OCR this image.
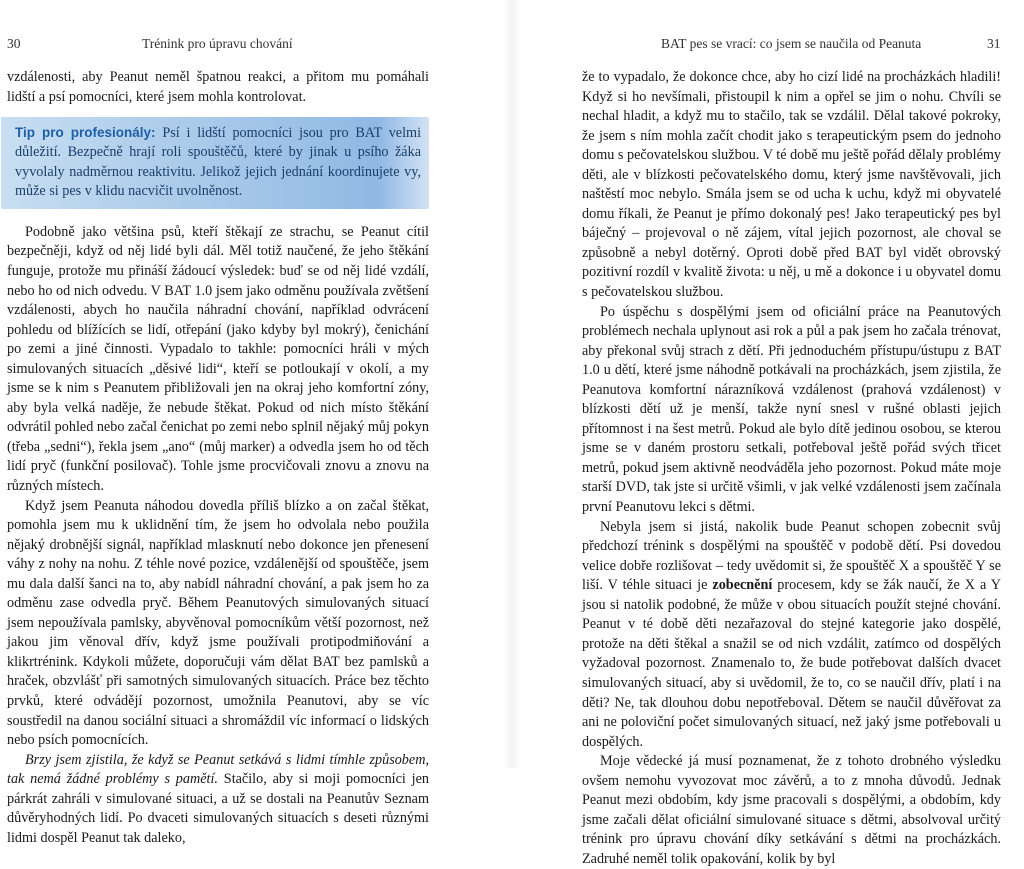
30	Trénink pro úpravu chování

vzdálenosti, aby Peanut neměl špatnou reakci, a přitom mu pomáhali lidští a psí pomocníci, které jsem mohla kontrolovat.

Tip pro profesionály: Psí i lidští pomocníci jsou pro BAT velmi důležití. Bezpečně hrají roli spouštěčů, které by jinak u psího žáka vyvolaly nadměrnou reaktivitu. Jelikož jejich jednání koordinujete vy, může si pes v klidu nacvičit uvolněnost.

Podobně jako většina psů, kteří štěkají ze strachu, se Peanut cítil bezpečněji, když od něj lidé byli dál. Měl totiž naučené, že jeho štěkání funguje, protože mu přináší žádoucí výsledek: buď se od něj lidé vzdálí, nebo ho od nich odvedu. V BAT 1.0 jsem jako odměnu používala zvětšení vzdálenosti, abych ho naučila náhradní chování, například odvrácení pohledu od blížících se lidí, otřepání (jako kdyby byl mokrý), čenichání po zemi a jiné činnosti. Vypadalo to takhle: pomocníci hráli v mých simulovaných situacích „děsivé lidi“, kteří se potloukají v okolí, a my jsme se k nim s Peanutem přibližovali jen na okraj jeho komfortní zóny, aby byla velká naděje, že nebude štěkat. Pokud od nich místo štěkání odvrátil pohled nebo začal čenichat po zemi nebo splnil nějaký můj pokyn (třeba „sedni“), řekla jsem „ano“ (můj marker) a odvedla jsem ho od těch lidí pryč (funkční posilovač). Tohle jsme procvičovali znovu a znovu na různých místech.

Když jsem Peanuta náhodou dovedla příliš blízko a on začal štěkat, pomohla jsem mu k uklidnění tím, že jsem ho odvolala nebo použila nějaký drobnější signál, například mlasknutí nebo dokonce jen přenesení váhy z nohy na nohu. Z téhle nové pozice, vzdálenější od spouštěče, jsem mu dala další šanci na to, aby nabídl náhradní chování, a pak jsem ho za odměnu zase odvedla pryč. Během Peanutových simulovaných situací jsem nepoužívala pamlsky, abyvěnoval pomocníkům větší pozornost, než jakou jim věnoval dřív, když jsme používali protipodmiňování a klikrtrénink. Kdykoli můžete, doporučuji vám dělat BAT bez pamlsků a hraček, obzvlášť při samotných simulovaných situacích. Práce bez těchto prvků, které odvádějí pozornost, umožnila Peanutovi, aby se víc soustředil na danou sociální situaci a shromáždil víc informací o lidských nebo psích pomocnících.

Brzy jsem zjistila, že když se Peanut setkává s lidmi tímhle způsobem, tak nemá žádné problémy s pamětí. Stačilo, aby si moji pomocníci jen párkrát zahráli v simulované situaci, a už se dostali na Peanutův Seznam důvěryhodných lidí. Po dvaceti simulovaných situacích s deseti různými lidmi dospěl Peanut tak daleko,

BAT pes se vrací: co jsem se naučila od Peanuta	31

že to vypadalo, že dokonce chce, aby ho cizí lidé na procházkách hladili! Když si ho nevšímali, přistoupil k nim a opřel se jim o nohu. Chvíli se nechal hladit, a když mu to stačilo, tak se vzdálil. Dělal takové pokroky, že jsem s ním mohla začít chodit jako s terapeutickým psem do jednoho domu s pečovatelskou službou. V té době mu ještě pořád dělaly problémy děti, ale v blízkosti pečovatelského domu, který jsme navštěvovali, jich naštěstí moc nebylo. Smála jsem se od ucha k uchu, když mi obyvatelé domu říkali, že Peanut je přímo dokonalý pes! Jako terapeutický pes byl báječný – projevoval o ně zájem, vítal jejich pozornost, ale choval se způsobně a nebyl dotěrný. Oproti době před BAT byl vidět obrovský pozitivní rozdíl v kvalitě života: u něj, u mě a dokonce i u obyvatel domu s pečovatelskou službou.

Po úspěchu s dospělými jsem od oficiální práce na Peanutových problémech nechala uplynout asi rok a půl a pak jsem ho začala trénovat, aby překonal svůj strach z dětí. Při jednoduchém přístupu/ústupu z BAT 1.0 u dětí, které jsme náhodně potkávali na procházkách, jsem zjistila, že Peanutova komfortní nárazníková vzdálenost (prahová vzdálenost) v blízkosti dětí už je menší, takže nyní snesl v rušné oblasti jejich přítomnost i na šest metrů. Pokud ale bylo dítě jedinou osobou, se kterou jsme se v daném prostoru setkali, potřeboval ještě pořád svých třicet metrů, pokud jsem aktivně neodváděla jeho pozornost. Pokud máte moje starší DVD, tak jste si určitě všimli, v jak velké vzdálenosti jsem začínala první Peanutovu lekci s dětmi.

Nebyla jsem si jistá, nakolik bude Peanut schopen zobecnit svůj předchozí trénink s dospělými na spouštěč v podobě dětí. Psi dovedou velice dobře rozlišovat – tedy uvědomit si, že spouštěč X a spouštěč Y se liší. V téhle situaci je zobecnění procesem, kdy se žák naučí, že X a Y jsou si natolik podobné, že může v obou situacích použít stejné chování. Peanut v té době děti nezařazoval do stejné kategorie jako dospělé, protože na děti štěkal a snažil se od nich vzdálit, zatímco od dospělých vyžadoval pozornost. Znamenalo to, že bude potřebovat dalších dvacet simulovaných situací, aby si uvědomil, že to, co se naučil dřív, platí i na děti? Ne, tak dlouhou dobu nepotřeboval. Dětem se naučil důvěřovat za ani ne poloviční počet simulovaných situací, než jaký jsme potřebovali u dospělých.

Moje vědecké já musí poznamenat, že z tohoto drobného výsledku ovšem nemohu vyvozovat moc závěrů, a to z mnoha důvodů. Jednak Peanut mezi obdobím, kdy jsme pracovali s dospělými, a obdobím, kdy jsme začali dělat oficiální simulované situace s dětmi, absolvoval určitý trénink pro úpravu chování díky setkávání s dětmi na procházkách. Zadruhé neměl tolik opakování, kolik by byl
